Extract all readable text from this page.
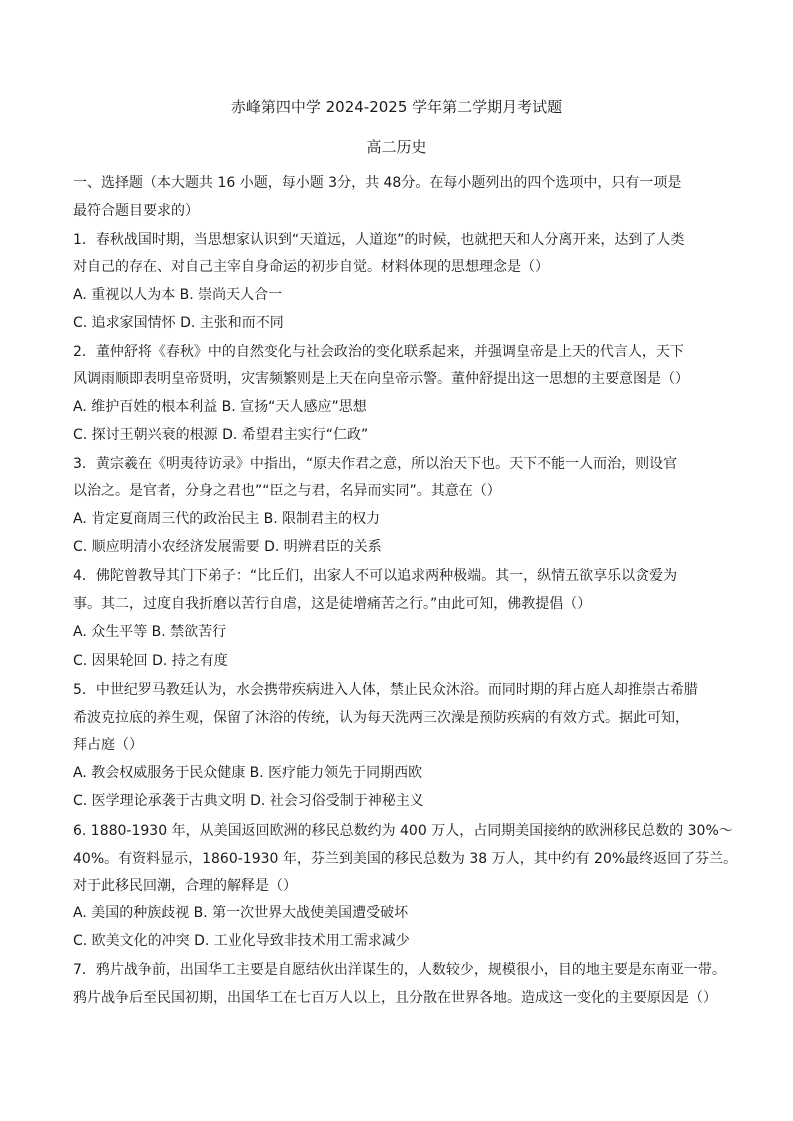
赤峰第四中学 2024-2025 学年第二学期月考试题
高二历史
一、选择题（本大题共 16 小题，每小题 3分，共 48分。在每小题列出的四个选项中，只有一项是
最符合题目要求的）
1．春秋战国时期，当思想家认识到“天道远，人道迩”的时候，也就把天和人分离开来，达到了人类
对自己的存在、对自己主宰自身命运的初步自觉。材料体现的思想理念是（）
A. 重视以人为本 B. 崇尚天人合一
C. 追求家国情怀 D. 主张和而不同
2．董仲舒将《春秋》中的自然变化与社会政治的变化联系起来，并强调皇帝是上天的代言人，天下
风调雨顺即表明皇帝贤明，灾害频繁则是上天在向皇帝示警。董仲舒提出这一思想的主要意图是（）
A. 维护百姓的根本利益 B. 宣扬“天人感应”思想
C. 探讨王朝兴衰的根源 D. 希望君主实行“仁政”
3．黄宗羲在《明夷待访录》中指出，“原夫作君之意，所以治天下也。天下不能一人而治，则设官
以治之。是官者，分身之君也”“臣之与君，名异而实同”。其意在（）
A. 肯定夏商周三代的政治民主 B. 限制君主的权力
C. 顺应明清小农经济发展需要 D. 明辨君臣的关系
4．佛陀曾教导其门下弟子：“比丘们，出家人不可以追求两种极端。其一，纵情五欲享乐以贪爱为
事。其二，过度自我折磨以苦行自虐，这是徒增痛苦之行。”由此可知，佛教提倡（）
A. 众生平等 B. 禁欲苦行
C. 因果轮回 D. 持之有度
5．中世纪罗马教廷认为，水会携带疾病进入人体，禁止民众沐浴。而同时期的拜占庭人却推崇古希腊
希波克拉底的养生观，保留了沐浴的传统，认为每天洗两三次澡是预防疾病的有效方式。据此可知，
拜占庭（）
A. 教会权威服务于民众健康 B. 医疗能力领先于同期西欧
C. 医学理论承袭于古典文明 D. 社会习俗受制于神秘主义
6. 1880-1930 年，从美国返回欧洲的移民总数约为 400 万人，占同期美国接纳的欧洲移民总数的 30%～
40%。有资料显示，1860-1930 年，芬兰到美国的移民总数为 38 万人，其中约有 20%最终返回了芬兰。
对于此移民回潮，合理的解释是（）
A. 美国的种族歧视 B. 第一次世界大战使美国遭受破坏
C. 欧美文化的冲突 D. 工业化导致非技术用工需求减少
7．鸦片战争前，出国华工主要是自愿结伙出洋谋生的，人数较少，规模很小，目的地主要是东南亚一带。
鸦片战争后至民国初期，出国华工在七百万人以上，且分散在世界各地。造成这一变化的主要原因是（）
